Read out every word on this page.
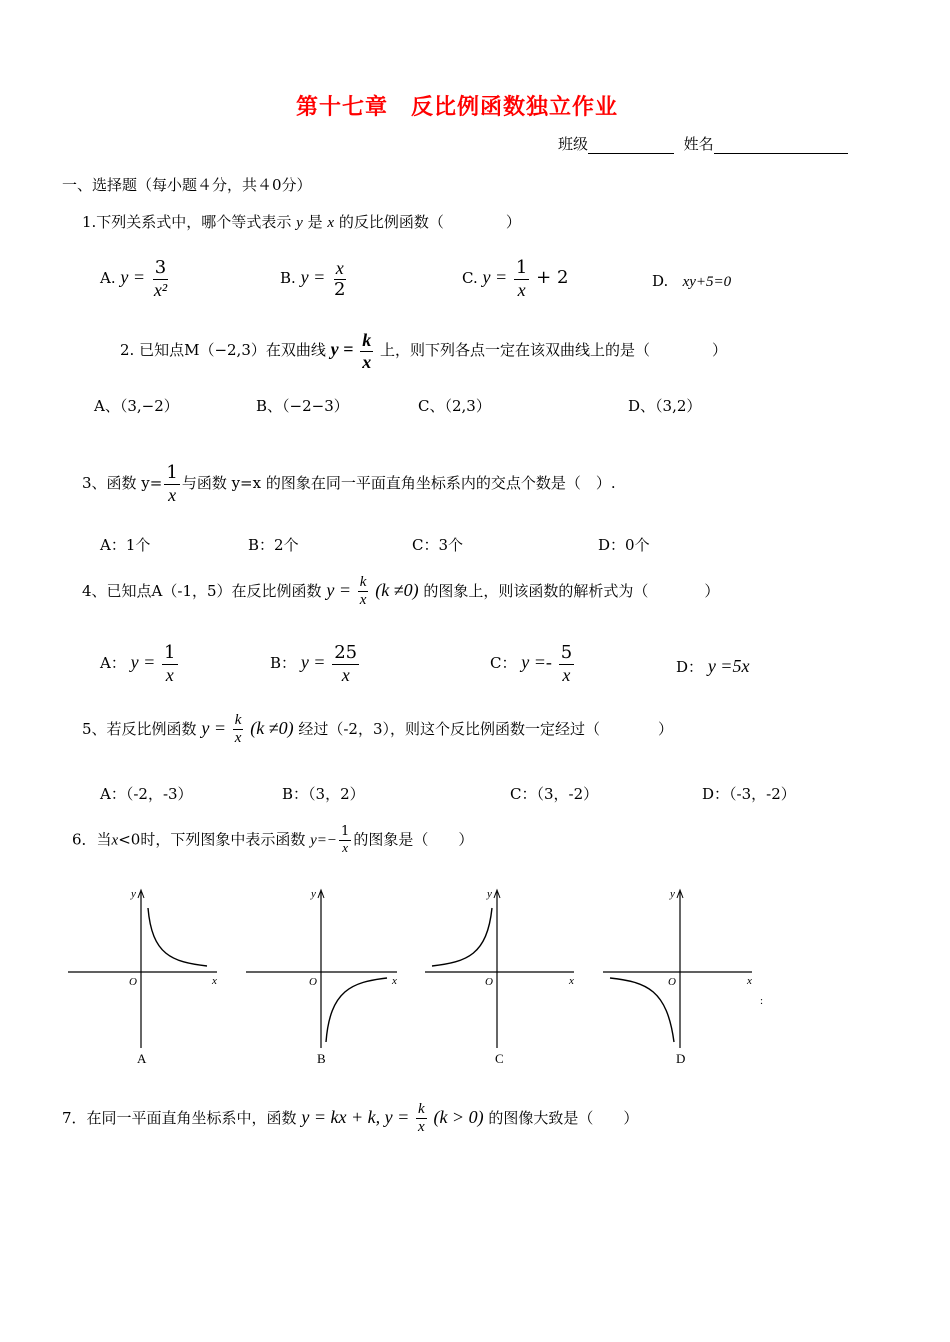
第十七章　反比例函数独立作业
班级	姓名
一、选择题（每小题４分，共４0分）
1.下列关系式中，哪个等式表示 y 是 x 的反比例函数（	）
A. $y = \frac{3}{\text{x²}}$	B. $y = \frac{x}{2}$	C. $y = \frac{1}{x} + 2$	D. xy+5=0
2. 已知点M（−2,3）在双曲线 $y = \frac{k}{x}$ 上，则下列各点一定在该双曲线上的是（	）
A、（3,−2）	B、（−2−3）	C、（2,3）	D、（3,2）
3、函数 $y= \frac{1}{x}$ 与函数 y=x 的图象在同一平面直角坐标系内的交点个数是（　）.
A：1个	B：2个	C：3个	D：0个
4、已知点A（-1，5）在反比例函数 $y = \frac{k}{x} (k \ne 0)$ 的图象上，则该函数的解析式为（	）
A： $y = \frac{1}{x}$	B： $y = \frac{25}{x}$	C： $y =- \frac{5}{x}$	D： y =5x
5、若反比例函数 $y = \frac{k}{x} (k \ne 0)$ 经过（-2，3），则这个反比例函数一定经过（	）
A：（-2，-3）	B：（3，2）	C：（3，-2）	D：（-3，-2）
6．当x<0时，下列图象中表示函数 $y=- \frac{1}{x}$ 的图象是（　　）
y
x
O
A
y
x
O
B
y
x
O
C
y
x
O
D
:
7．在同一平面直角坐标系中，函数 y = kx + k, $y = \frac{k}{x} (k > 0)$ 的图像大致是（　　）
